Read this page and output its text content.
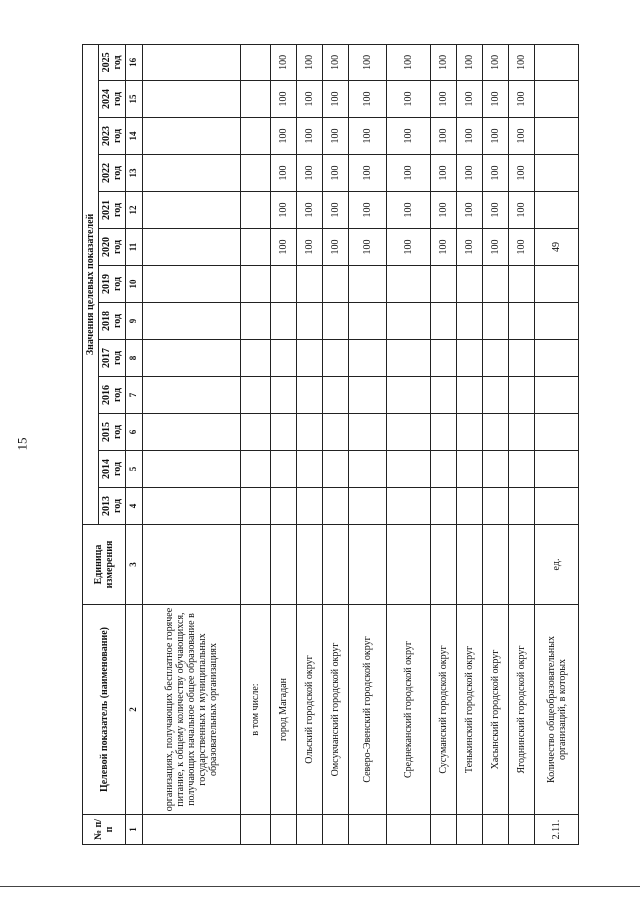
15
№ п/п	Целевой показатель (наименование)	Единица измерения	Значения целевых показателей												
			2013 год	2014 год	2015 год	2016 год	2017 год	2018 год	2019 год	2020 год	2021 год	2022 год	2023 год	2024 год	2025 год
1	2	3	4	5	6	7	8	9	10	11	12	13	14	15	16
	организациях, получающих бесплатное горячее питание, к общему количеству обучающихся, получающих начальное общее образование в государственных и муниципальных образовательных организациях														
	в том числе:														
	город Магадан									100	100	100	100	100	100
	Ольский городской округ									100	100	100	100	100	100
	Омсукчанский городской округ									100	100	100	100	100	100
	Северо-Эвенский городской округ									100	100	100	100	100	100
	Среднеканский городской округ									100	100	100	100	100	100
	Сусуманский городской округ									100	100	100	100	100	100
	Тенькинский городской округ									100	100	100	100	100	100
	Хасынский городской округ									100	100	100	100	100	100
	Ягоднинский городской округ									100	100	100	100	100	100
2.11.	Количество общеобразовательных организаций, в которых	ед.								49					
